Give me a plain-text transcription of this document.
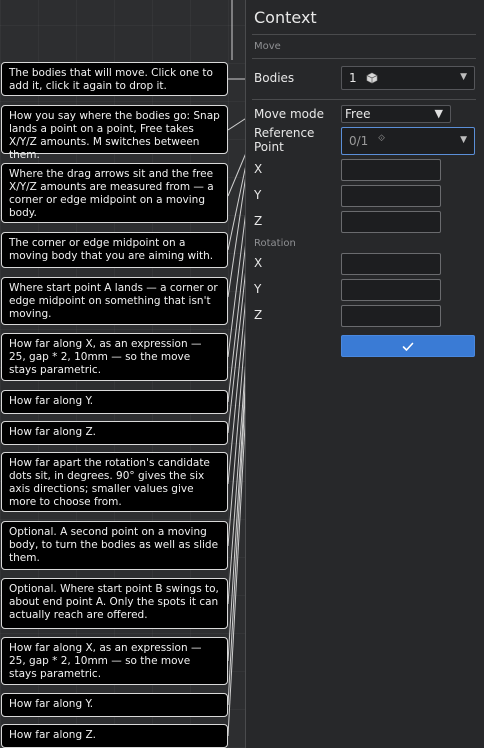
The bodies that will move. Click one to add it, click it again to drop it.
How you say where the bodies go: Snap lands a point on a point, Free takes X/Y/Z amounts. M switches between them.
Where the drag arrows sit and the free X/Y/Z amounts are measured from — a corner or edge midpoint on a moving body.
The corner or edge midpoint on a moving body that you are aiming with.
Where start point A lands — a corner or edge midpoint on something that isn't moving.
How far along X, as an expression — 25, gap * 2, 10mm — so the move stays parametric.
How far along Y.
How far along Z.
How far apart the rotation's candidate dots sit, in degrees. 90° gives the six axis directions; smaller values give more to choose from.
Optional. A second point on a moving body, to turn the bodies as well as slide them.
Optional. Where start point B swings to, about end point A. Only the spots it can actually reach are offered.
How far along X, as an expression — 25, gap * 2, 10mm — so the move stays parametric.
How far along Y.
How far along Z.
Context
Move
Bodies	1	▼
Move mode Free	▼
Reference
Point	0/1 ⟐	▼
X
Y
Z
Rotation
X
Y
Z
